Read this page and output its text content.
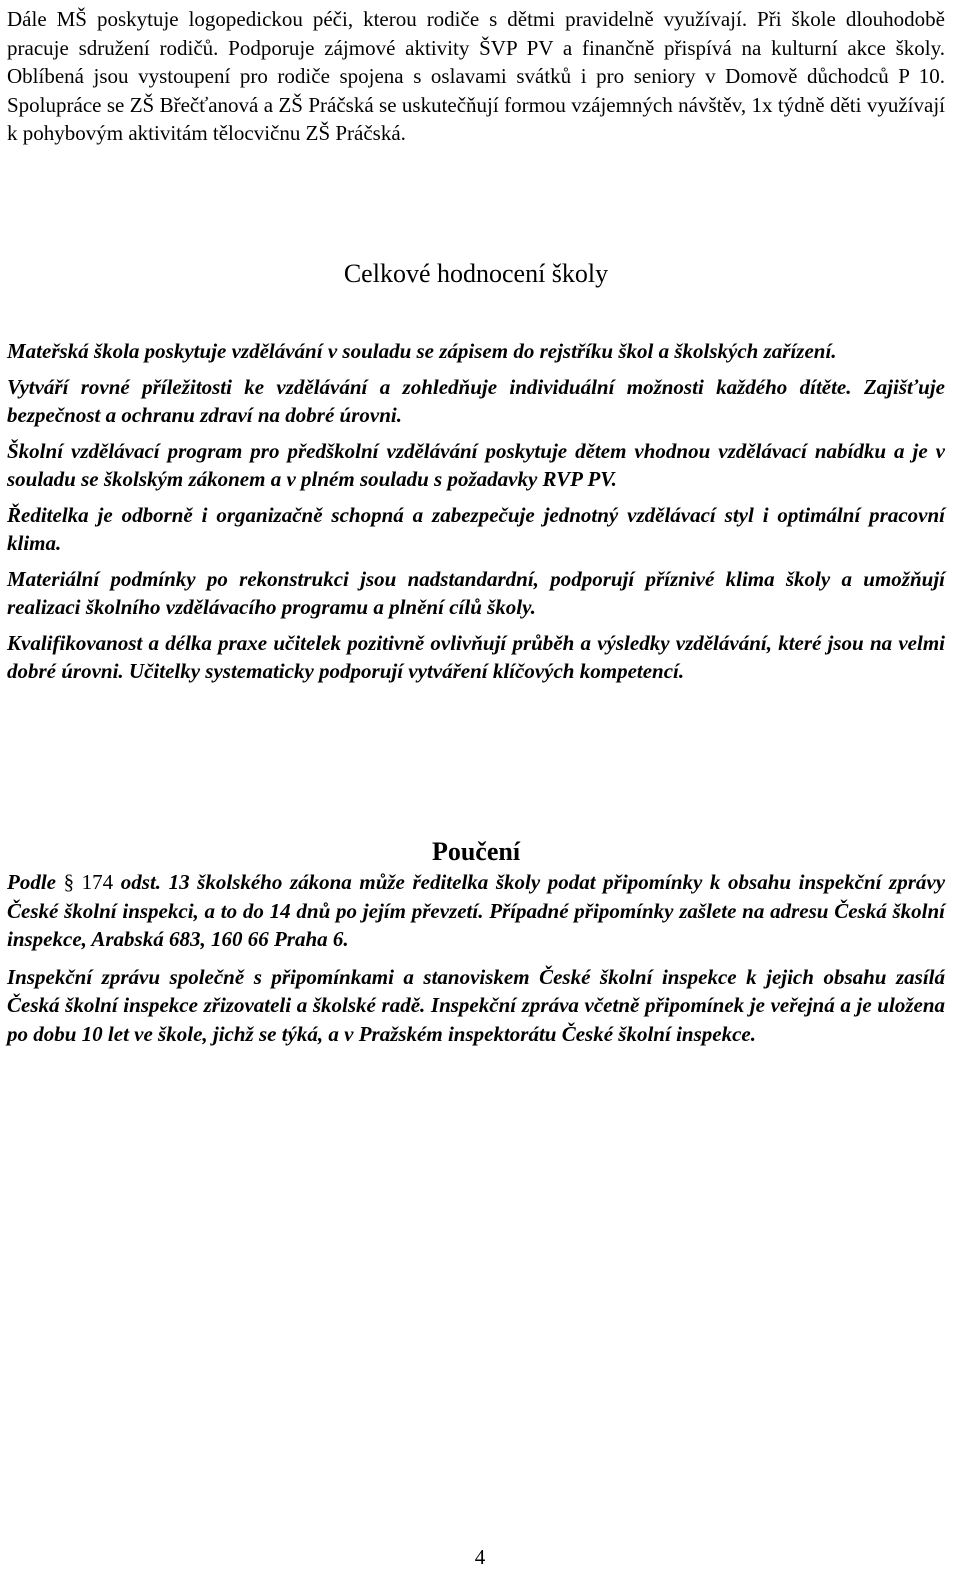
Dále MŠ poskytuje logopedickou péči, kterou rodiče s dětmi pravidelně využívají. Při škole dlouhodobě pracuje sdružení rodičů. Podporuje zájmové aktivity ŠVP PV a finančně přispívá na kulturní akce školy. Oblíbená jsou vystoupení pro rodiče spojena s oslavami svátků i pro seniory v Domově důchodců P 10. Spolupráce se ZŠ Břečťanová a ZŠ Práčská se uskutečňují formou vzájemných návštěv, 1x týdně děti využívají k pohybovým aktivitám tělocvičnu ZŠ Práčská.

Celkové hodnocení školy

Mateřská škola poskytuje vzdělávání v souladu se zápisem do rejstříku škol a školských zařízení.

Vytváří rovné příležitosti ke vzdělávání a zohledňuje individuální možnosti každého dítěte. Zajišťuje bezpečnost a ochranu zdraví na dobré úrovni.

Školní vzdělávací program pro předškolní vzdělávání poskytuje dětem vhodnou vzdělávací nabídku a je v souladu se školským zákonem a v plném souladu s požadavky RVP PV.

Ředitelka je odborně i organizačně schopná a zabezpečuje jednotný vzdělávací styl i optimální pracovní klima.

Materiální podmínky po rekonstrukci jsou nadstandardní, podporují příznivé klima školy a umožňují realizaci školního vzdělávacího programu a plnění cílů školy.

Kvalifikovanost a délka praxe učitelek pozitivně ovlivňují průběh a výsledky vzdělávání, které jsou na velmi dobré úrovni. Učitelky systematicky podporují vytváření klíčových kompetencí.

Poučení

Podle § 174 odst. 13 školského zákona může ředitelka školy podat připomínky k obsahu inspekční zprávy České školní inspekci, a to do 14 dnů po jejím převzetí. Případné připomínky zašlete na adresu Česká školní inspekce, Arabská 683, 160 66 Praha 6.

Inspekční zprávu společně s připomínkami a stanoviskem České školní inspekce k jejich obsahu zasílá Česká školní inspekce zřizovateli a školské radě. Inspekční zpráva včetně připomínek je veřejná a je uložena po dobu 10 let ve škole, jichž se týká, a v Pražském inspektorátu České školní inspekce.

4
